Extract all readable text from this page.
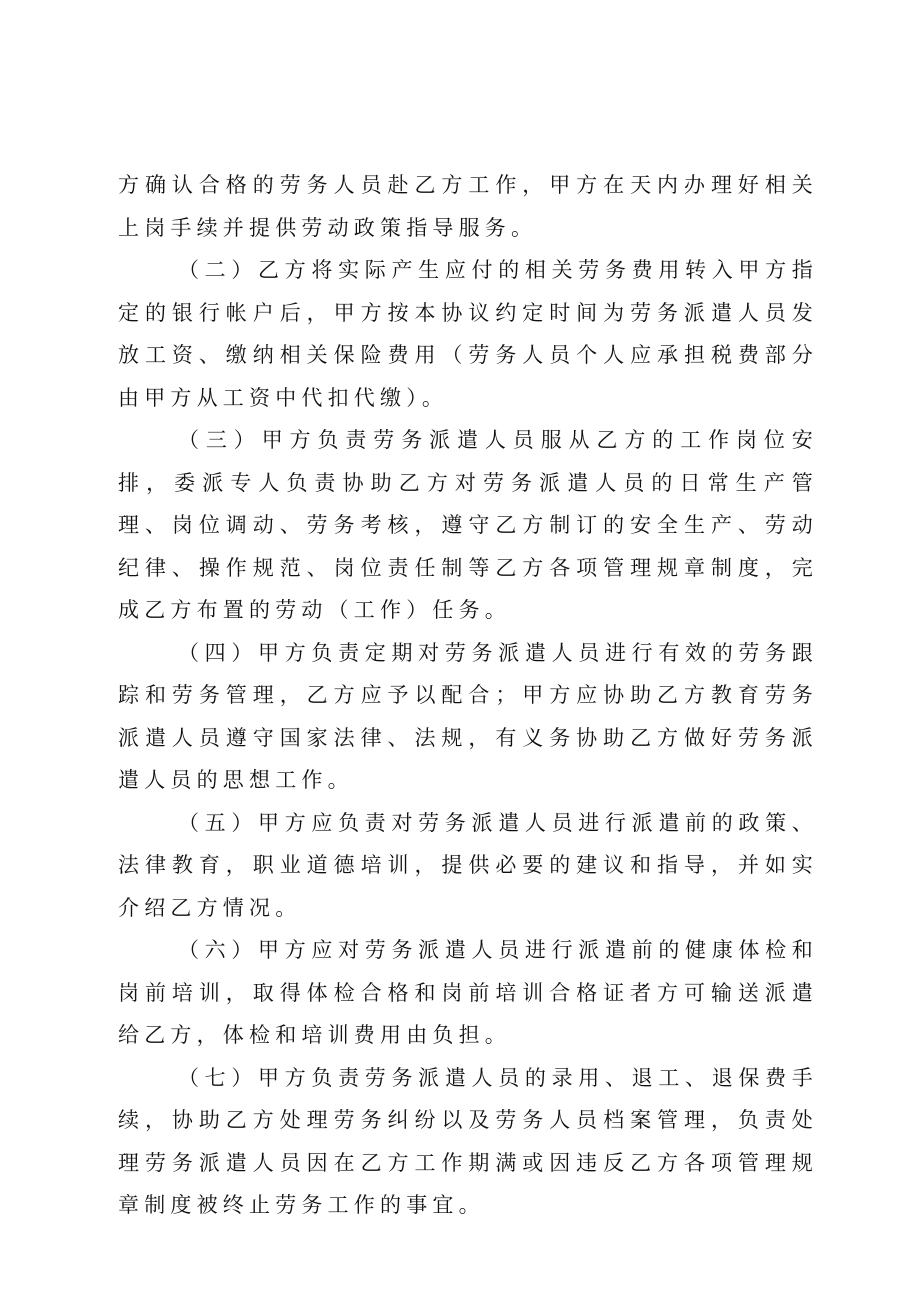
方确认合格的劳务人员赴乙方工作，甲方在天内办理好相关上岗手续并提供劳动政策指导服务。

（二）乙方将实际产生应付的相关劳务费用转入甲方指定的银行帐户后，甲方按本协议约定时间为劳务派遣人员发放工资、缴纳相关保险费用（劳务人员个人应承担税费部分由甲方从工资中代扣代缴）。

（三）甲方负责劳务派遣人员服从乙方的工作岗位安排，委派专人负责协助乙方对劳务派遣人员的日常生产管理、岗位调动、劳务考核，遵守乙方制订的安全生产、劳动纪律、操作规范、岗位责任制等乙方各项管理规章制度，完成乙方布置的劳动（工作）任务。

（四）甲方负责定期对劳务派遣人员进行有效的劳务跟踪和劳务管理，乙方应予以配合；甲方应协助乙方教育劳务派遣人员遵守国家法律、法规，有义务协助乙方做好劳务派遣人员的思想工作。

（五）甲方应负责对劳务派遣人员进行派遣前的政策、法律教育，职业道德培训，提供必要的建议和指导，并如实介绍乙方情况。

（六）甲方应对劳务派遣人员进行派遣前的健康体检和岗前培训，取得体检合格和岗前培训合格证者方可输送派遣给乙方，体检和培训费用由负担。

（七）甲方负责劳务派遣人员的录用、退工、退保费手续，协助乙方处理劳务纠纷以及劳务人员档案管理，负责处理劳务派遣人员因在乙方工作期满或因违反乙方各项管理规章制度被终止劳务工作的事宜。
